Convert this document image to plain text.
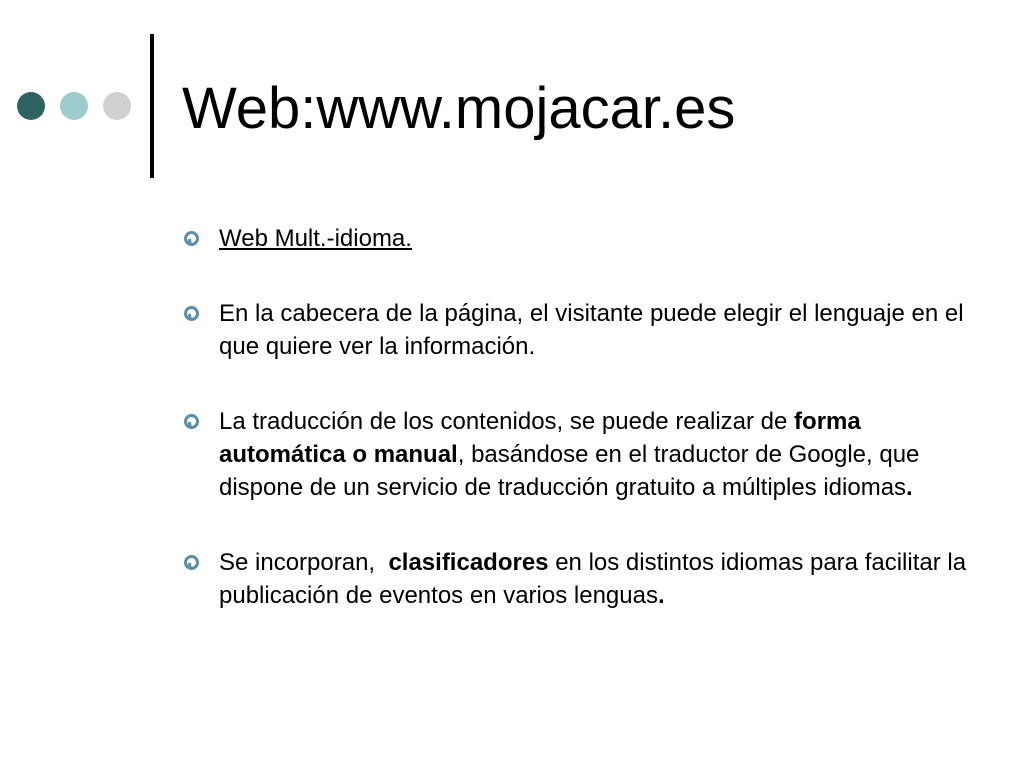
Web:www.mojacar.es
Web Mult.-idioma.
En la cabecera de la página, el visitante puede elegir el lenguaje en el que quiere ver la información.
La traducción de los contenidos, se puede realizar de forma automática o manual, basándose en el traductor de Google, que dispone de un servicio de traducción gratuito a múltiples idiomas.
Se incorporan,  clasificadores en los distintos idiomas para facilitar la publicación de eventos en varios lenguas.
